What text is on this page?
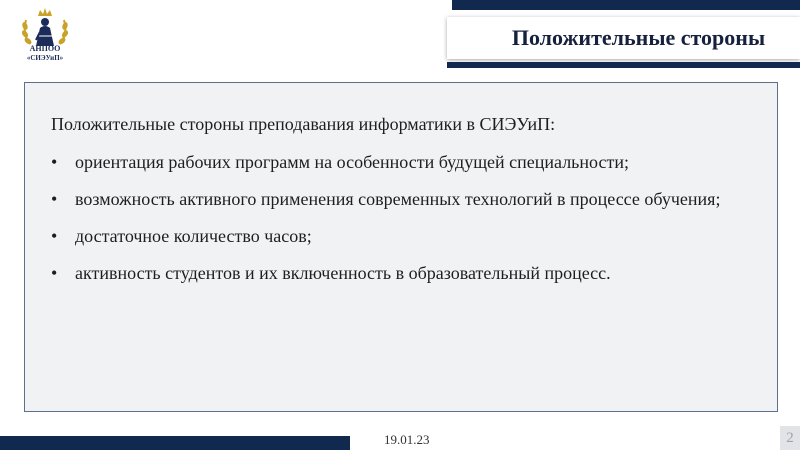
Положительные стороны
АНПОО
«СИЭУиП»
Положительные стороны преподавания информатики в СИЭУиП:
• ориентация рабочих программ на особенности будущей специальности;
• возможность активного применения современных технологий в процессе обучения;
• достаточное количество часов;
• активность студентов и их включенность в образовательный процесс.
19.01.23	2
